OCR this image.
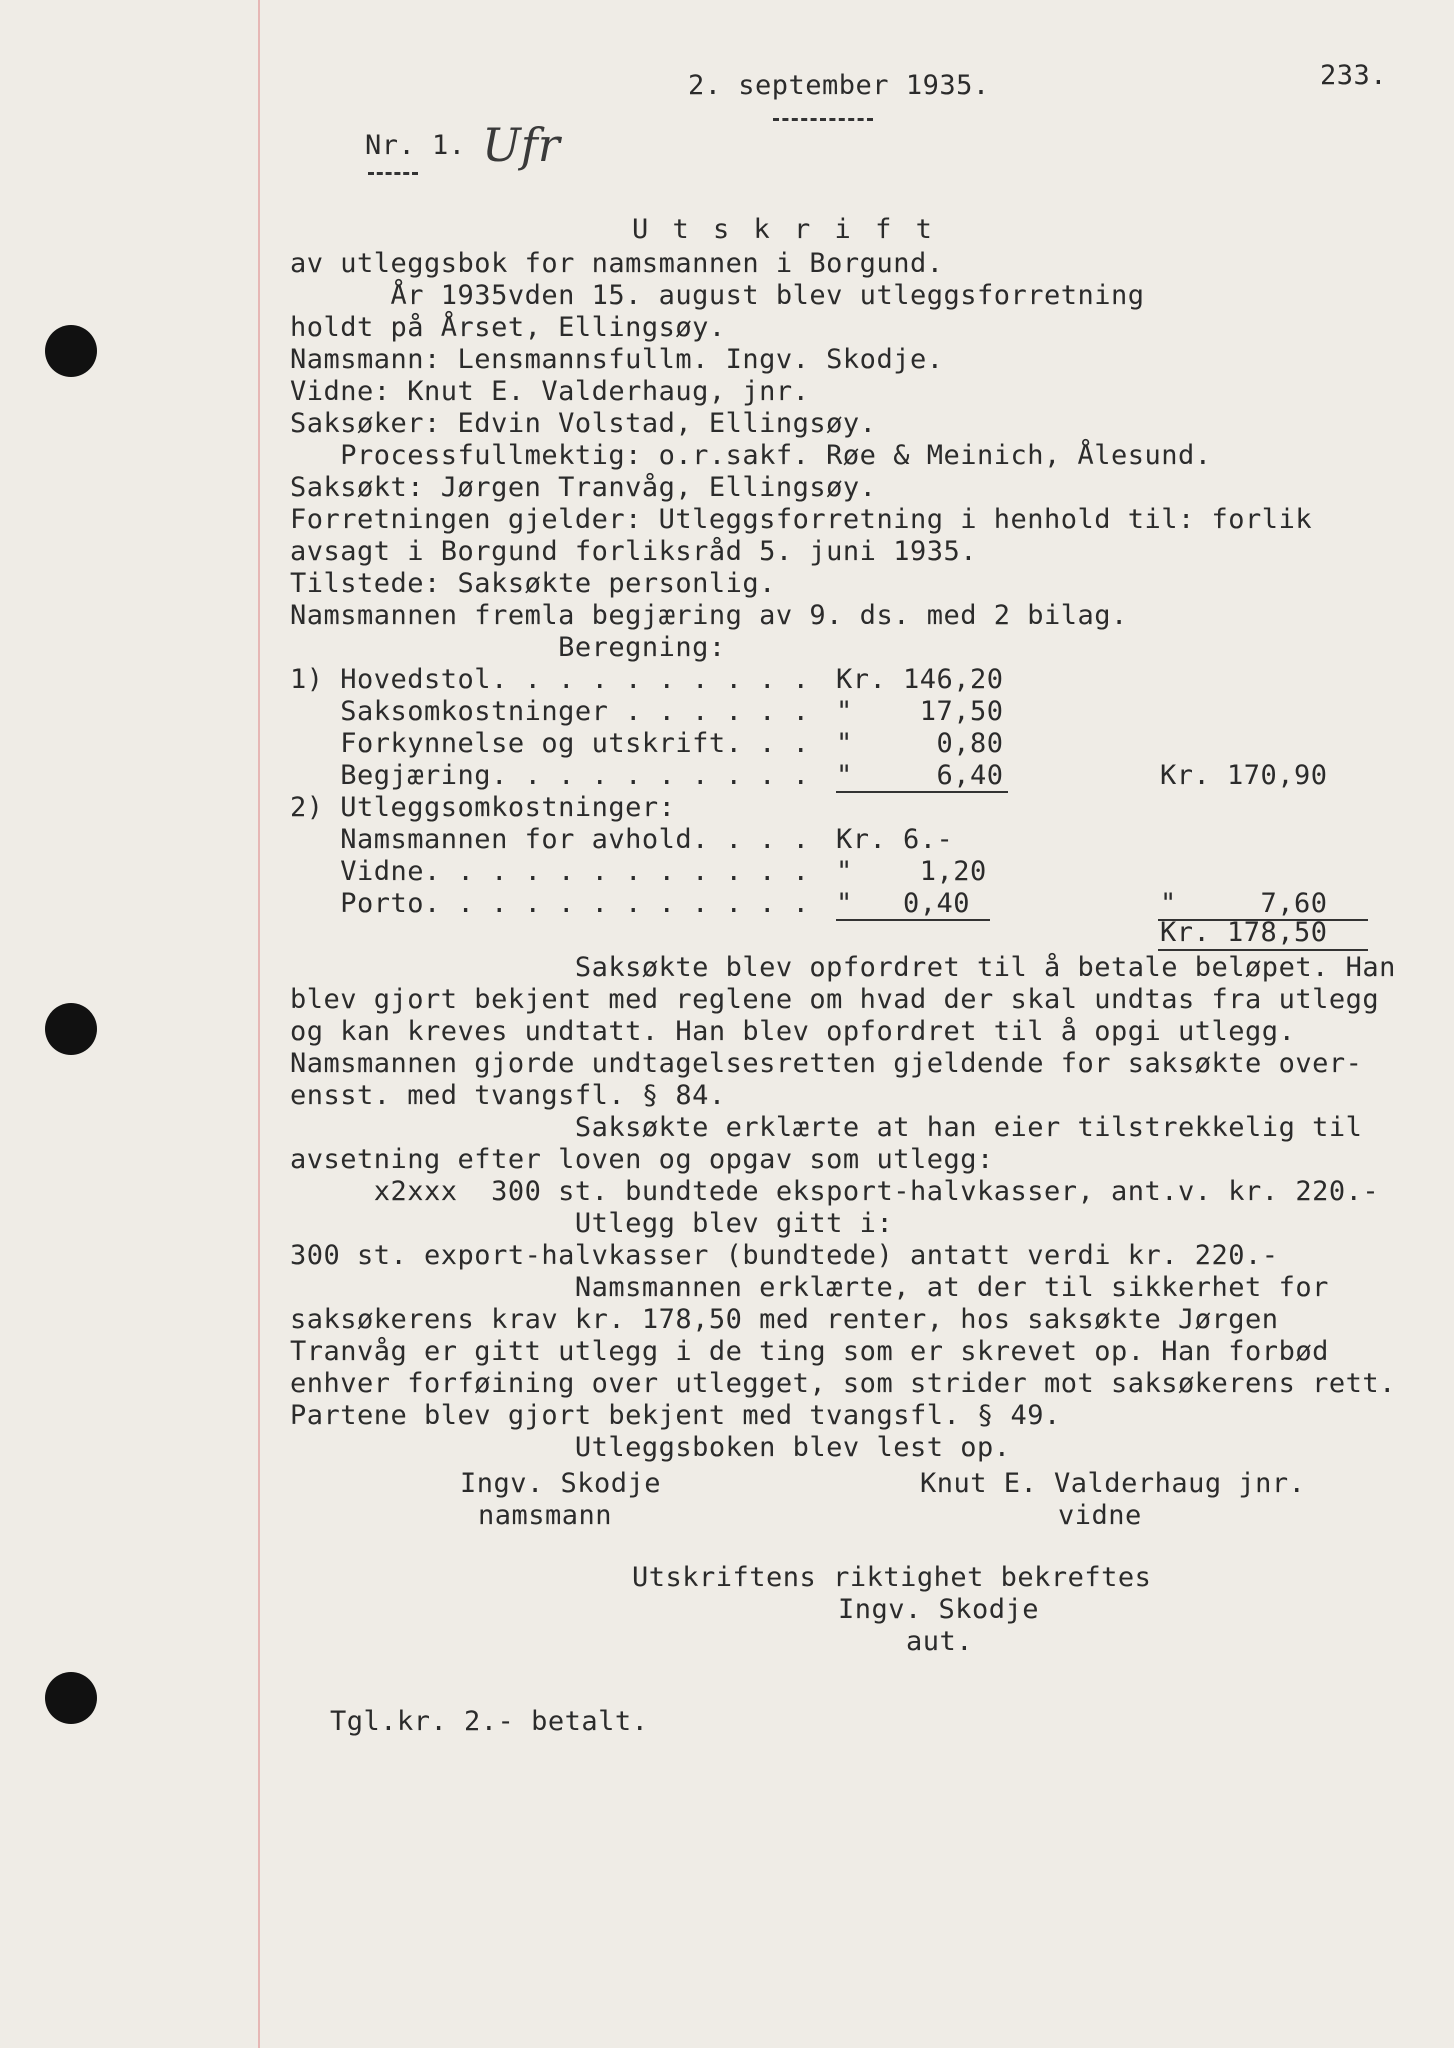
2. september 1935.	233.
Nr. 1. Ufr
U t s k r i f t
av utleggsbok for namsmannen i Borgund.
År 1935vden 15. august blev utleggsforretning
holdt på Årset, Ellingsøy.
Namsmann: Lensmannsfullm. Ingv. Skodje.
Vidne: Knut E. Valderhaug, jnr.
Saksøker: Edvin Volstad, Ellingsøy.
Processfullmektig: o.r.sakf. Røe & Meinich, Ålesund.
Saksøkt: Jørgen Tranvåg, Ellingsøy.
Forretningen gjelder: Utleggsforretning i henhold til: forlik
avsagt i Borgund forliksråd 5. juni 1935.
Tilstede: Saksøkte personlig.
Namsmannen fremla begjæring av 9. ds. med 2 bilag.
Beregning:
1) Hovedstol. . . . . . . . . . Kr. 146,20
Saksomkostninger . . . . . . "    17,50
Forkynnelse og utskrift. . . "     0,80
Begjæring. . . . . . . . . . "     6,40	Kr. 170,90
2) Utleggsomkostninger:
Namsmannen for avhold. . . . Kr. 6.-
Vidne. . . . . . . . . . . . "    1,20
Porto. . . . . . . . . . . . "   0,40	"     7,60
Kr. 178,50
Saksøkte blev opfordret til å betale beløpet. Han
blev gjort bekjent med reglene om hvad der skal undtas fra utlegg
og kan kreves undtatt. Han blev opfordret til å opgi utlegg.
Namsmannen gjorde undtagelsesretten gjeldende for saksøkte over-
ensst. med tvangsfl. § 84.
Saksøkte erklærte at han eier tilstrekkelig til
avsetning efter loven og opgav som utlegg:
x2xxx  300 st. bundtede eksport-halvkasser, ant.v. kr. 220.-
Utlegg blev gitt i:
300 st. export-halvkasser (bundtede) antatt verdi kr. 220.-
Namsmannen erklærte, at der til sikkerhet for
saksøkerens krav kr. 178,50 med renter, hos saksøkte Jørgen
Tranvåg er gitt utlegg i de ting som er skrevet op. Han forbød
enhver forføining over utlegget, som strider mot saksøkerens rett.
Partene blev gjort bekjent med tvangsfl. § 49.
Utleggsboken blev lest op.
Ingv. Skodje
namsmann
Knut E. Valderhaug jnr.
vidne
Utskriftens riktighet bekreftes
Ingv. Skodje
aut.
Tgl.kr. 2.- betalt.
